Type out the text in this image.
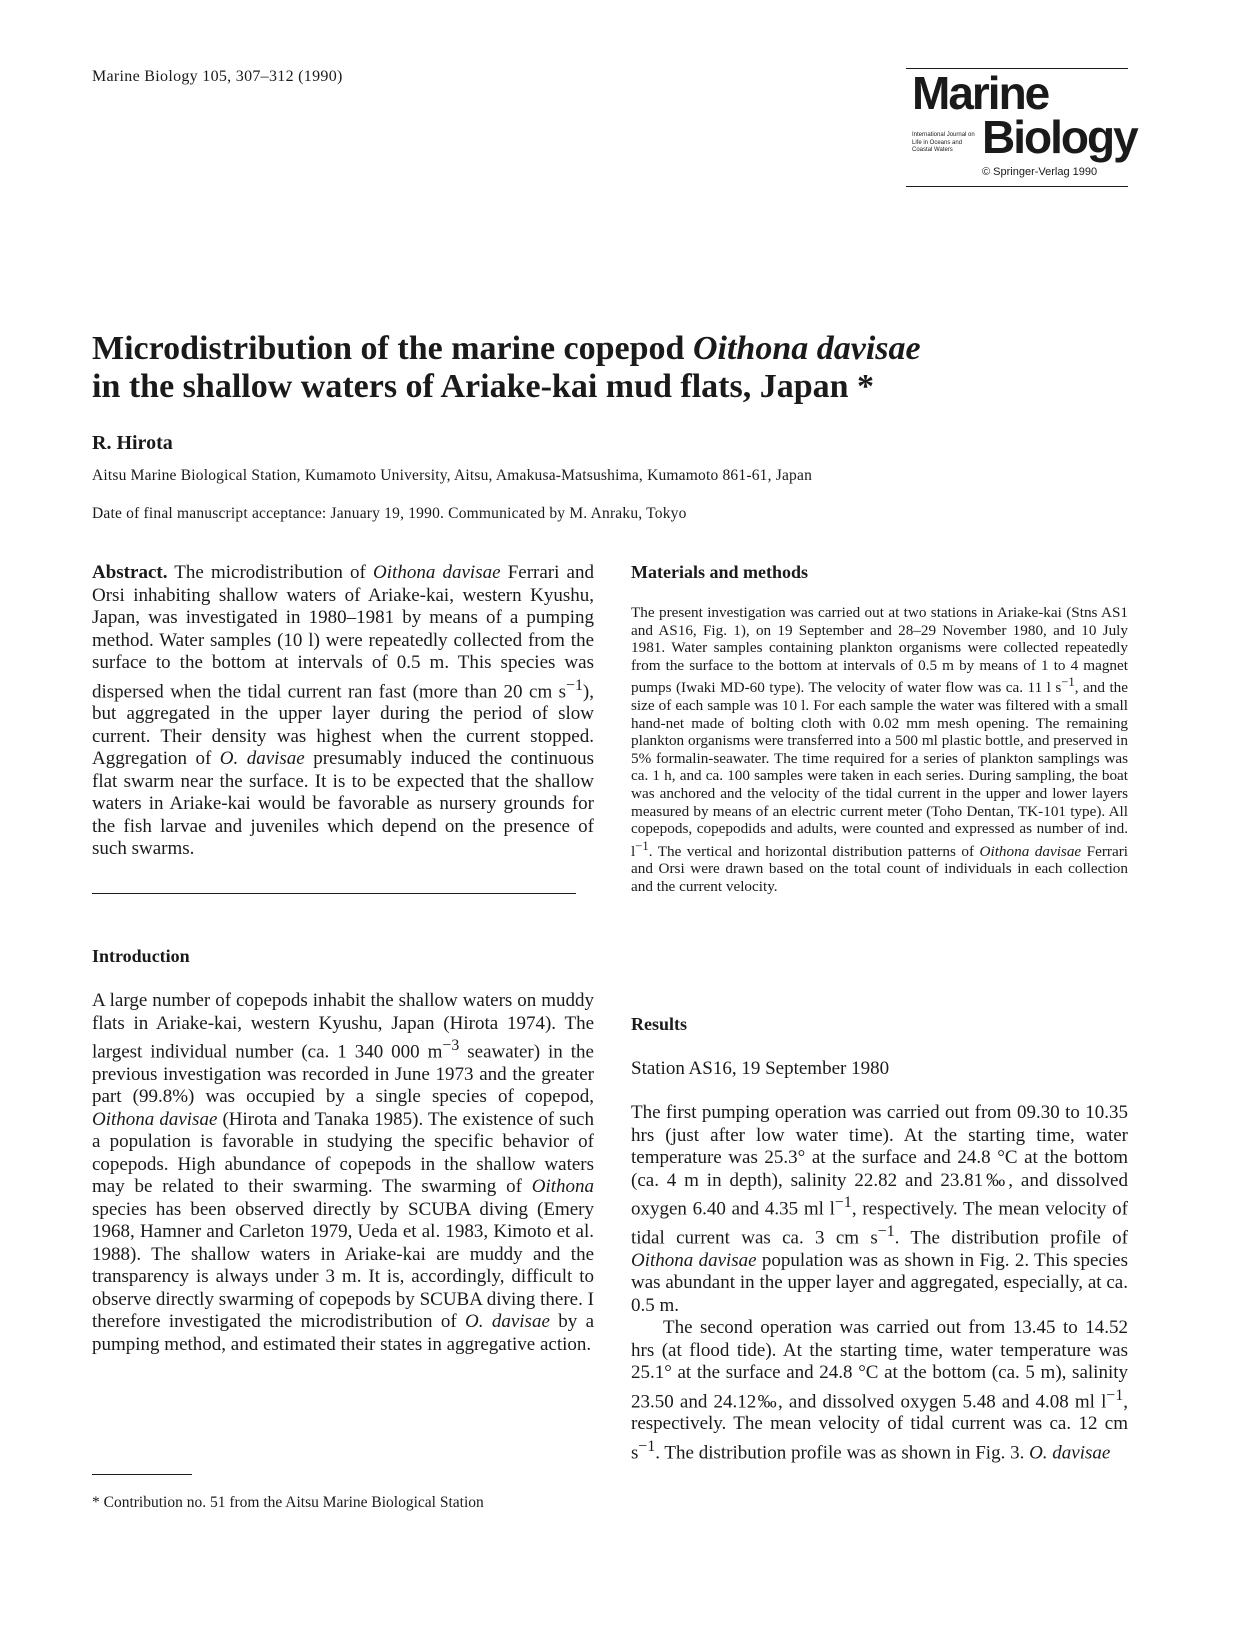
Marine Biology 105, 307–312 (1990)	Marine
International Journal on Life in Oceans and Coastal Waters Biology
© Springer-Verlag 1990
Microdistribution of the marine copepod Oithona davisae
in the shallow waters of Ariake-kai mud flats, Japan *
R. Hirota
Aitsu Marine Biological Station, Kumamoto University, Aitsu, Amakusa-Matsushima, Kumamoto 861-61, Japan
Date of final manuscript acceptance: January 19, 1990. Communicated by M. Anraku, Tokyo

Abstract. The microdistribution of Oithona davisae Ferrari and Orsi inhabiting shallow waters of Ariake-kai, western Kyushu, Japan, was investigated in 1980–1981 by means of a pumping method. Water samples (10 l) were repeatedly collected from the surface to the bottom at intervals of 0.5 m. This species was dispersed when the tidal current ran fast (more than 20 cm $s^{-1}$), but aggregated in the upper layer during the period of slow current. Their density was highest when the current stopped. Aggregation of O. davisae presumably induced the continuous flat swarm near the surface. It is to be expected that the shallow waters in Ariake-kai would be favorable as nursery grounds for the fish larvae and juveniles which depend on the presence of such swarms.

Introduction

A large number of copepods inhabit the shallow waters on muddy flats in Ariake-kai, western Kyushu, Japan (Hirota 1974). The largest individual number (ca. 1 340 000 $m^{-3}$ seawater) in the previous investigation was recorded in June 1973 and the greater part (99.8%) was occupied by a single species of copepod, Oithona davisae (Hirota and Tanaka 1985). The existence of such a population is favorable in studying the specific behavior of copepods. High abundance of copepods in the shallow waters may be related to their swarming. The swarming of Oithona species has been observed directly by SCUBA diving (Emery 1968, Hamner and Carleton 1979, Ueda et al. 1983, Kimoto et al. 1988). The shallow waters in Ariake-kai are muddy and the transparency is always under 3 m. It is, accordingly, difficult to observe directly swarming of copepods by SCUBA diving there. I therefore investigated the microdistribution of O. davisae by a pumping method, and estimated their states in aggregative action.

* Contribution no. 51 from the Aitsu Marine Biological Station
Materials and methods

The present investigation was carried out at two stations in Ariake-kai (Stns AS1 and AS16, Fig. 1), on 19 September and 28–29 November 1980, and 10 July 1981. Water samples containing plankton organisms were collected repeatedly from the surface to the bottom at intervals of 0.5 m by means of 1 to 4 magnet pumps (Iwaki MD-60 type). The velocity of water flow was ca. 11 l $s^{-1}$, and the size of each sample was 10 l. For each sample the water was filtered with a small hand-net made of bolting cloth with 0.02 mm mesh opening. The remaining plankton organisms were transferred into a 500 ml plastic bottle, and preserved in 5% formalin-seawater. The time required for a series of plankton samplings was ca. 1 h, and ca. 100 samples were taken in each series. During sampling, the boat was anchored and the velocity of the tidal current in the upper and lower layers measured by means of an electric current meter (Toho Dentan, TK-101 type). All copepods, copepodids and adults, were counted and expressed as number of ind. $l^{-1}$. The vertical and horizontal distribution patterns of Oithona davisae Ferrari and Orsi were drawn based on the total count of individuals in each collection and the current velocity.

Results
Station AS16, 19 September 1980

The first pumping operation was carried out from 09.30 to 10.35 hrs (just after low water time). At the starting time, water temperature was 25.3° at the surface and 24.8 °C at the bottom (ca. 4 m in depth), salinity 22.82 and 23.81‰, and dissolved oxygen 6.40 and 4.35 ml $l^{-1}$, respectively. The mean velocity of tidal current was ca. 3 cm $s^{-1}$. The distribution profile of Oithona davisae population was as shown in Fig. 2. This species was abundant in the upper layer and aggregated, especially, at ca. 0.5 m.

The second operation was carried out from 13.45 to 14.52 hrs (at flood tide). At the starting time, water temperature was 25.1° at the surface and 24.8 °C at the bottom (ca. 5 m), salinity 23.50 and 24.12‰, and dissolved oxygen 5.48 and 4.08 ml $l^{-1}$, respectively. The mean velocity of tidal current was ca. 12 cm $s^{-1}$. The distribution profile was as shown in Fig. 3. O. davisae
